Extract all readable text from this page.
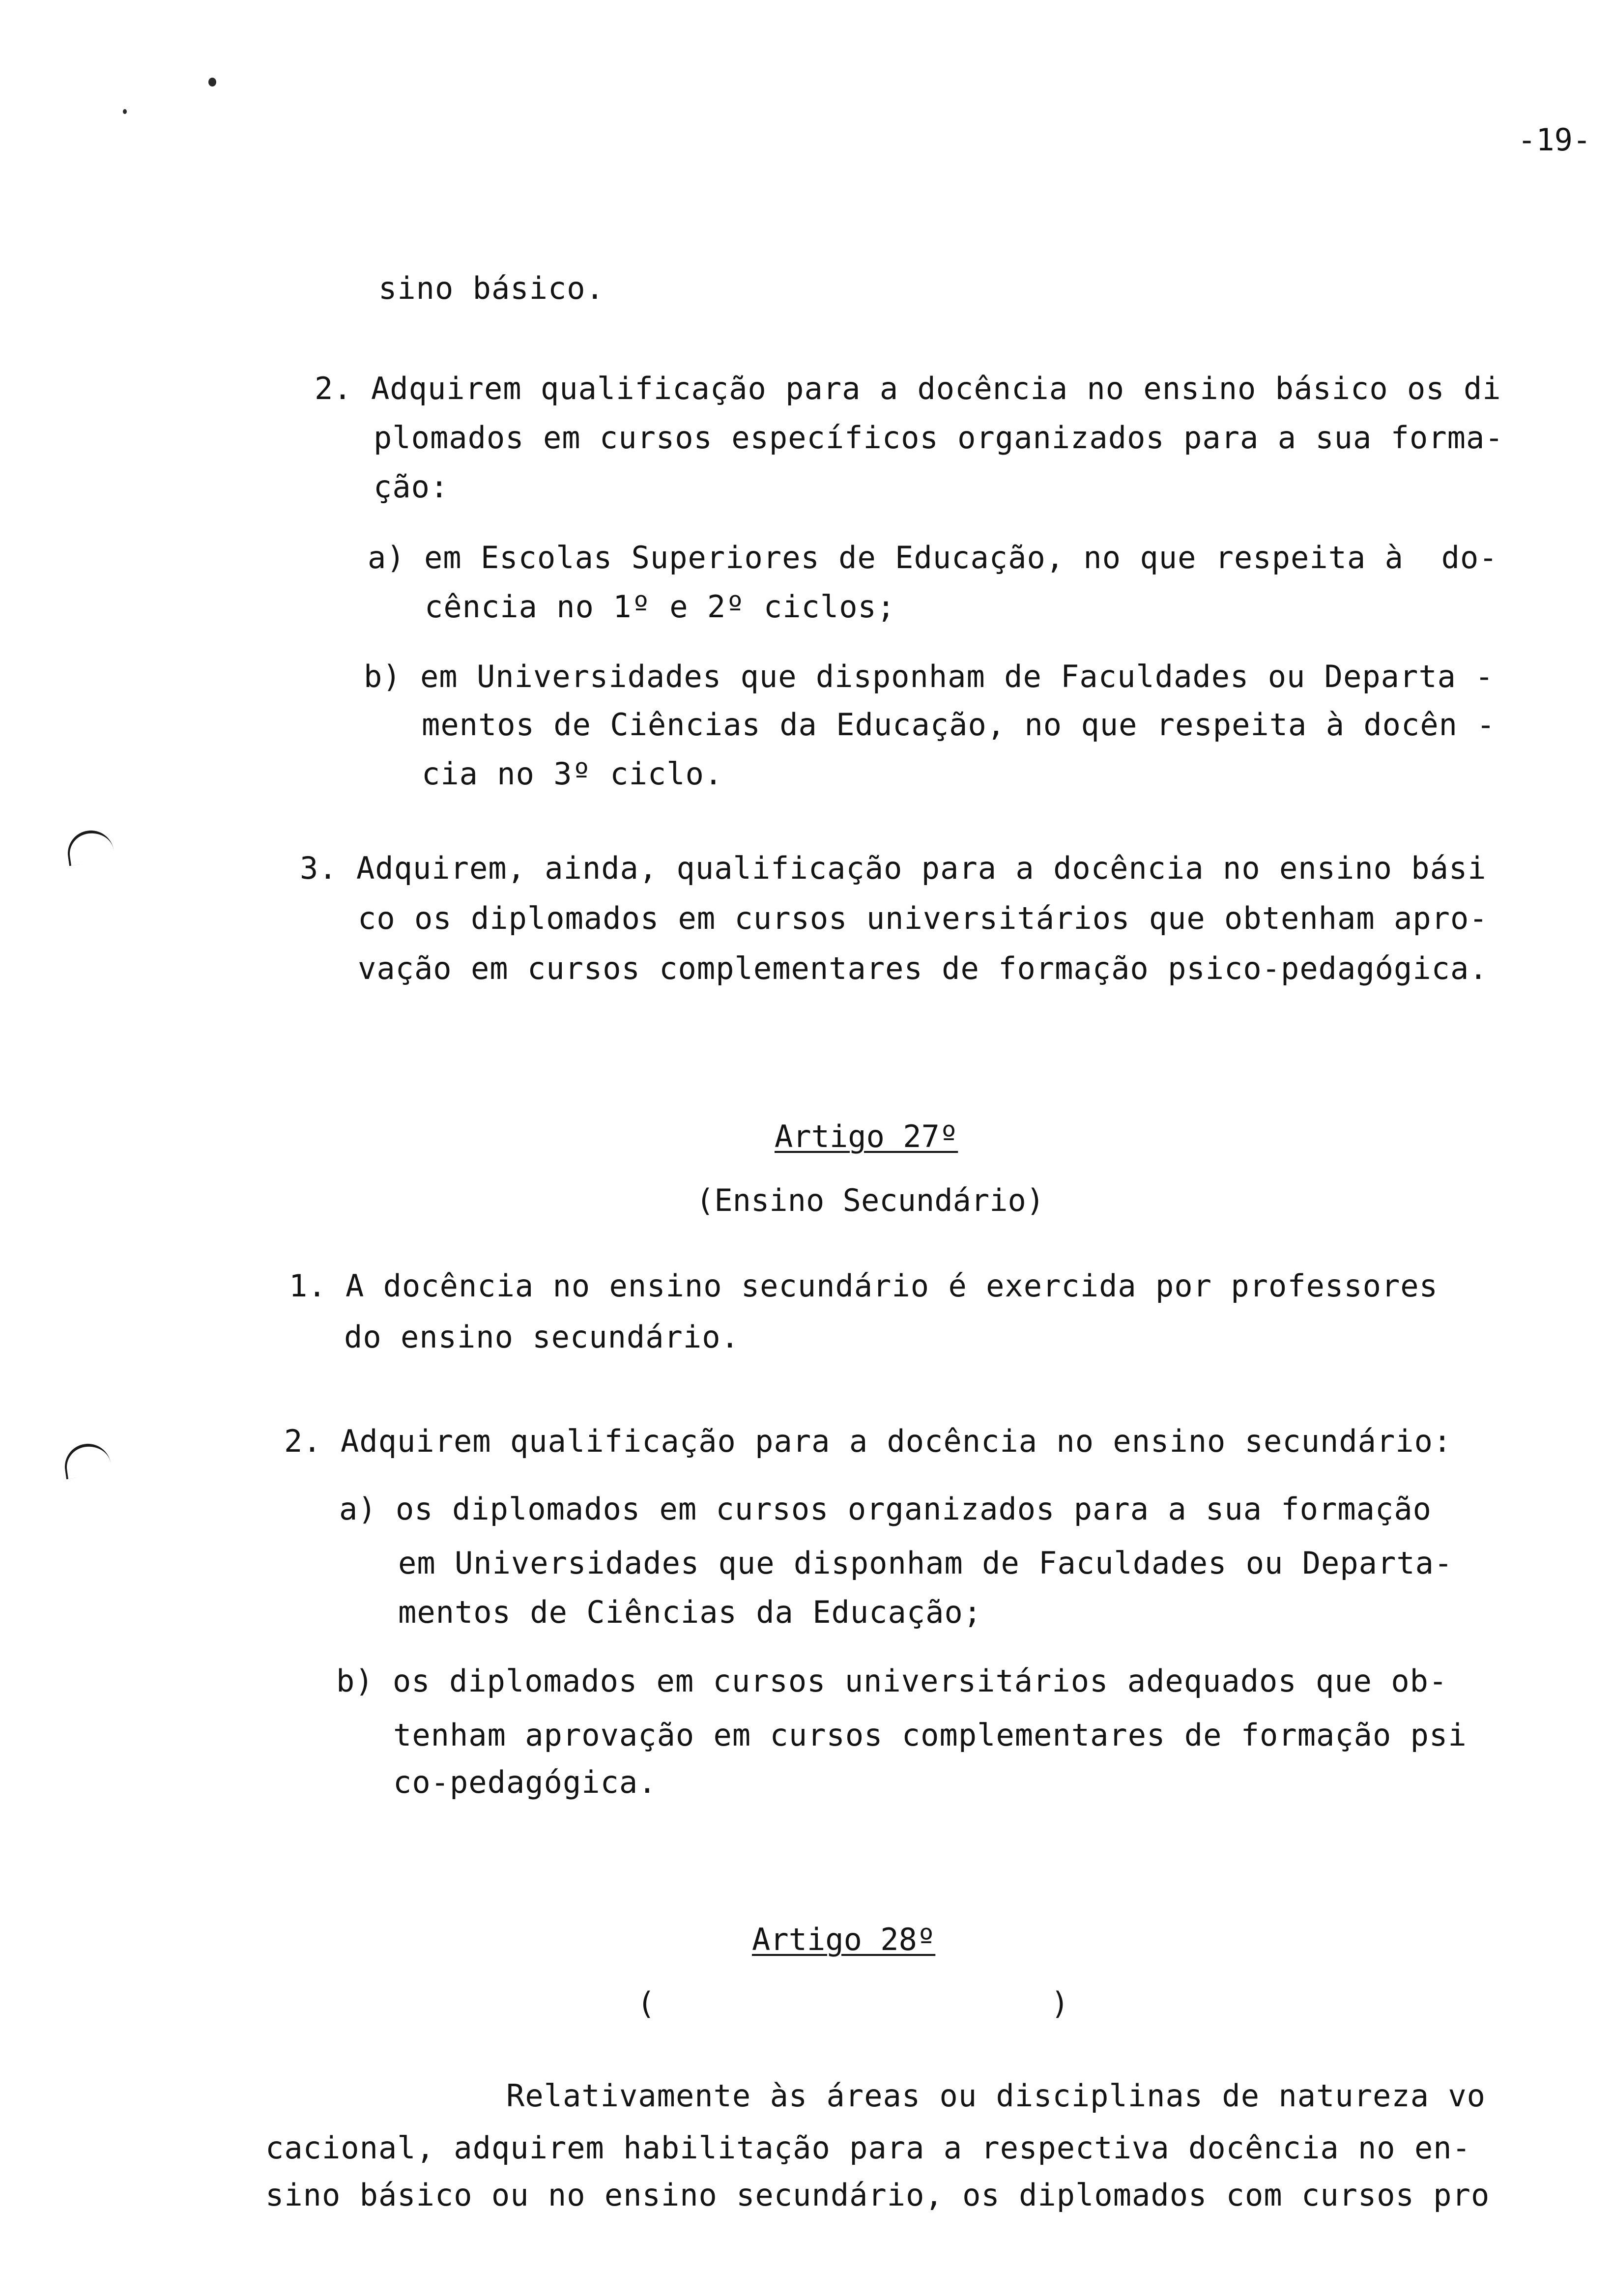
-19-
sino básico.
2. Adquirem qualificação para a docência no ensino básico os di
plomados em cursos específicos organizados para a sua forma-
ção:
a) em Escolas Superiores de Educação, no que respeita à  do-
cência no 1º e 2º ciclos;
b) em Universidades que disponham de Faculdades ou Departa -
mentos de Ciências da Educação, no que respeita à docên -
cia no 3º ciclo.
3. Adquirem, ainda, qualificação para a docência no ensino bási
co os diplomados em cursos universitários que obtenham apro-
vação em cursos complementares de formação psico-pedagógica.
Artigo 27º
(Ensino Secundário)
1. A docência no ensino secundário é exercida por professores
do ensino secundário.
2. Adquirem qualificação para a docência no ensino secundário:
a) os diplomados em cursos organizados para a sua formação
em Universidades que disponham de Faculdades ou Departa-
mentos de Ciências da Educação;
b) os diplomados em cursos universitários adequados que ob-
tenham aprovação em cursos complementares de formação psi
co-pedagógica.
Artigo 28º
(	)
Relativamente às áreas ou disciplinas de natureza vo
cacional, adquirem habilitação para a respectiva docência no en-
sino básico ou no ensino secundário, os diplomados com cursos pro
